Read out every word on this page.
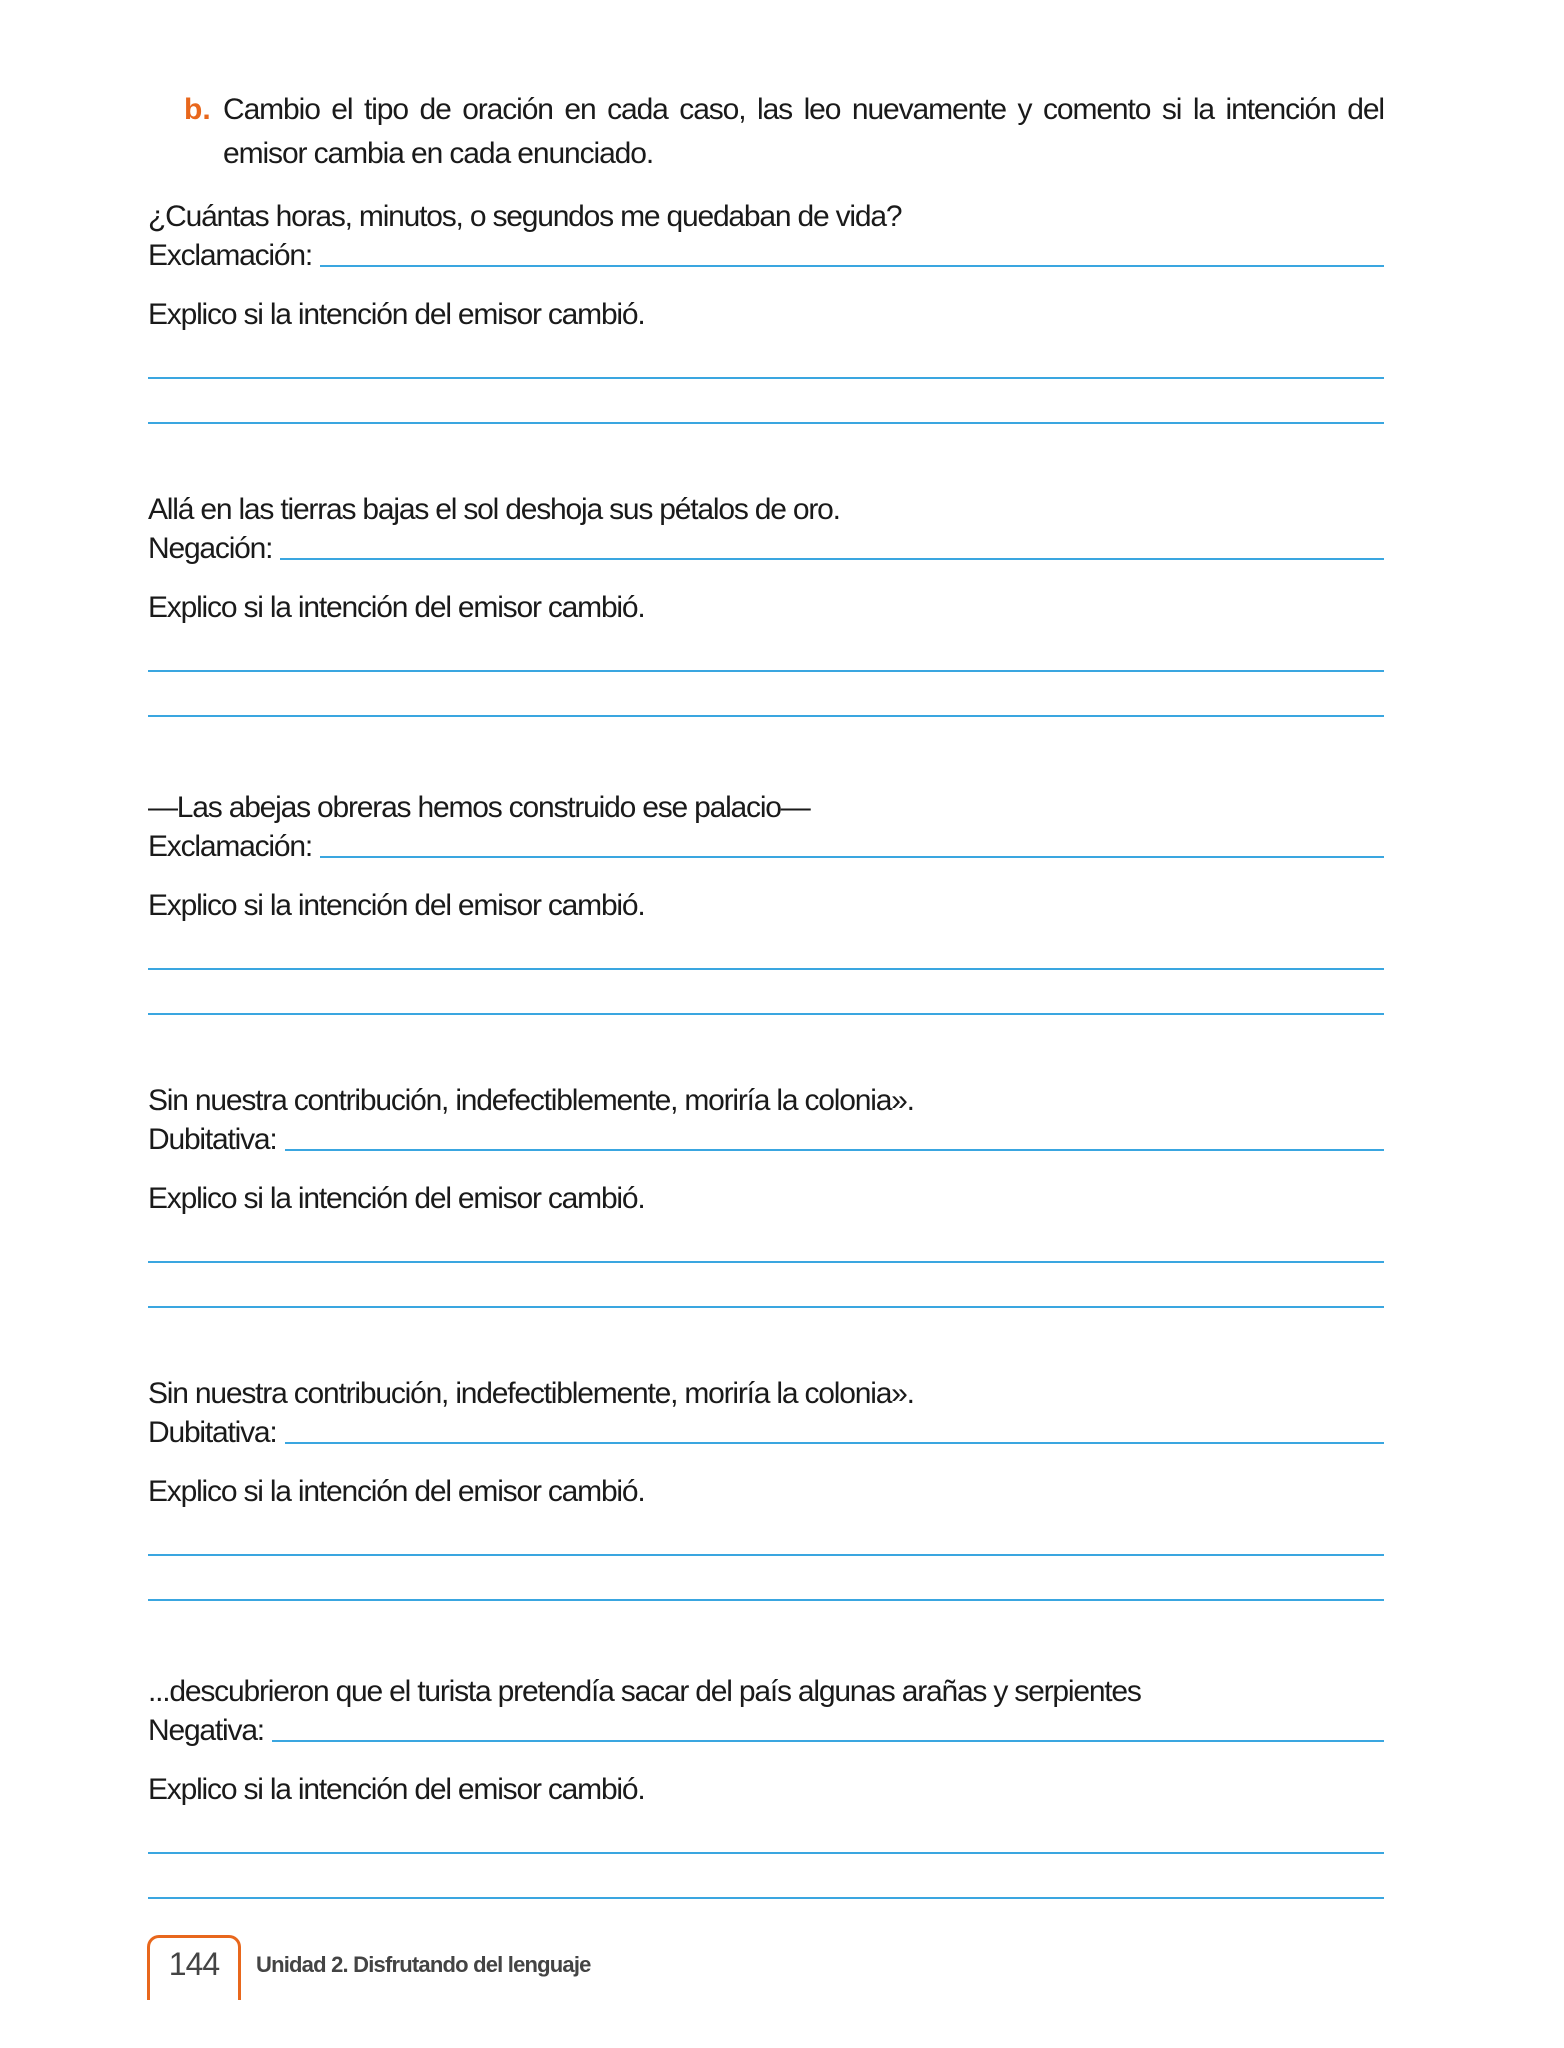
b. Cambio el tipo de oración en cada caso, las leo nuevamente y comento si la intención del emisor cambia en cada enunciado.
¿Cuántas horas, minutos, o segundos me quedaban de vida?
Exclamación:
Explico si la intención del emisor cambió.
Allá en las tierras bajas el sol deshoja sus pétalos de oro.
Negación:
Explico si la intención del emisor cambió.
—Las abejas obreras hemos construido ese palacio—
Exclamación:
Explico si la intención del emisor cambió.
Sin nuestra contribución, indefectiblemente, moriría la colonia».
Dubitativa:
Explico si la intención del emisor cambió.
Sin nuestra contribución, indefectiblemente, moriría la colonia».
Dubitativa:
Explico si la intención del emisor cambió.
...descubrieron que el turista pretendía sacar del país algunas arañas y serpientes
Negativa:
Explico si la intención del emisor cambió.
144	Unidad 2. Disfrutando del lenguaje
